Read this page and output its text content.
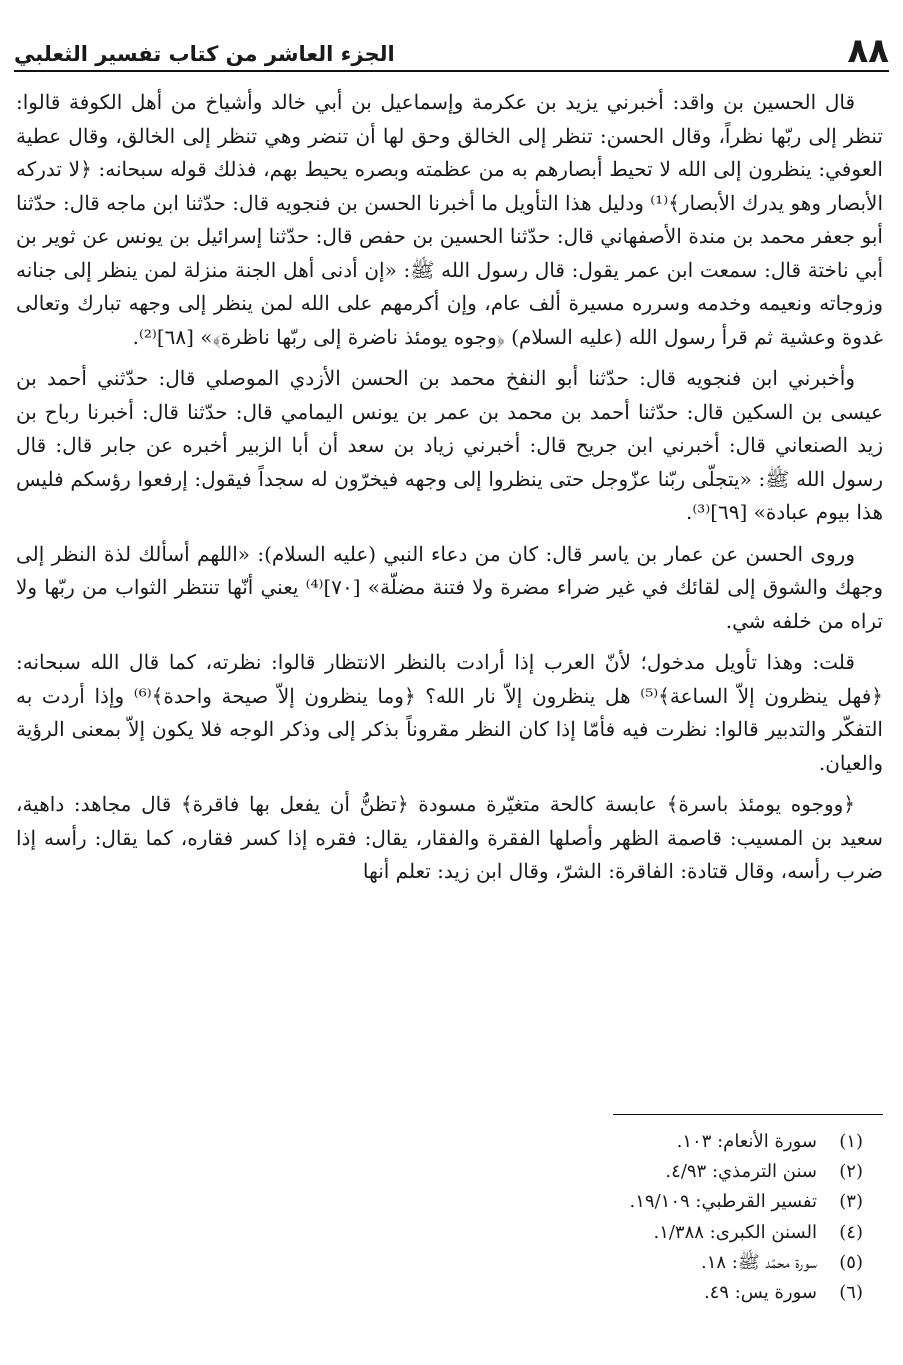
٨٨
الجزء العاشر من كتاب تفسير الثعلبي

قال الحسين بن واقد: أخبرني يزيد بن عكرمة وإسماعيل بن أبي خالد وأشياخ من أهل الكوفة قالوا: تنظر إلى ربّها نظراً، وقال الحسن: تنظر إلى الخالق وحق لها أن تنضر وهي تنظر إلى الخالق، وقال عطية العوفي: ينظرون إلى الله لا تحيط أبصارهم به من عظمته وبصره يحيط بهم، فذلك قوله سبحانه: ﴿لا تدركه الأبصار وهو يدرك الأبصار﴾⁽¹⁾ ودليل هذا التأويل ما أخبرنا الحسن بن فنجويه قال: حدّثنا ابن ماجه قال: حدّثنا أبو جعفر محمد بن مندة الأصفهاني قال: حدّثنا الحسين بن حفص قال: حدّثنا إسرائيل بن يونس عن ثوير بن أبي ناختة قال: سمعت ابن عمر يقول: قال رسول الله ﷺ: «إن أدنى أهل الجنة منزلة لمن ينظر إلى جنانه وزوجاته ونعيمه وخدمه وسرره مسيرة ألف عام، وإن أكرمهم على الله لمن ينظر إلى وجهه تبارك وتعالى غدوة وعشية ثم قرأ رسول الله (عليه السلام) ﴿وجوه يومئذ ناضرة إلى ربّها ناظرة﴾» [٦٨]⁽²⁾.

وأخبرني ابن فنجويه قال: حدّثنا أبو النفخ محمد بن الحسن الأزدي الموصلي قال: حدّثني أحمد بن عيسى بن السكين قال: حدّثنا أحمد بن محمد بن عمر بن يونس اليمامي قال: حدّثنا قال: أخبرنا رباح بن زيد الصنعاني قال: أخبرني ابن جريح قال: أخبرني زياد بن سعد أن أبا الزبير أخبره عن جابر قال: قال رسول الله ﷺ: «يتجلّى ربّنا عزّوجل حتى ينظروا إلى وجهه فيخرّون له سجداً فيقول: إرفعوا رؤسكم فليس هذا بيوم عبادة» [٦٩]⁽³⁾.

وروى الحسن عن عمار بن ياسر قال: كان من دعاء النبي (عليه السلام): «اللهم أسألك لذة النظر إلى وجهك والشوق إلى لقائك في غير ضراء مضرة ولا فتنة مضلّة» [٧٠]⁽⁴⁾ يعني أنّها تنتظر الثواب من ربّها ولا تراه من خلفه شي.

قلت: وهذا تأويل مدخول؛ لأنّ العرب إذا أرادت بالنظر الانتظار قالوا: نظرته، كما قال الله سبحانه: ﴿فهل ينظرون إلاّ الساعة﴾⁽⁵⁾ هل ينظرون إلاّ نار الله؟ ﴿وما ينظرون إلاّ صيحة واحدة﴾⁽⁶⁾ وإذا أردت به التفكّر والتدبير قالوا: نظرت فيه فأمّا إذا كان النظر مقروناً بذكر إلى وذكر الوجه فلا يكون إلاّ بمعنى الرؤية والعيان.

﴿ووجوه يومئذ باسرة﴾ عابسة كالحة متغيّرة مسودة ﴿تظنُّ أن يفعل بها فاقرة﴾ قال مجاهد: داهية، سعيد بن المسيب: قاصمة الظهر وأصلها الفقرة والفقار، يقال: فقره إذا كسر فقاره، كما يقال: رأسه إذا ضرب رأسه، وقال قتادة: الفاقرة: الشرّ، وقال ابن زيد: تعلم أنها

(١)
سورة الأنعام: ١٠٣.
(٢)
سنن الترمذي: ٤/٩٣.
(٣)
تفسير القرطبي: ١٩/١٠٩.
(٤)
السنن الكبرى: ١/٣٨٨.
(٥)
سورة محمّد ﷺ: ١٨.
(٦)
سورة يس: ٤٩.
